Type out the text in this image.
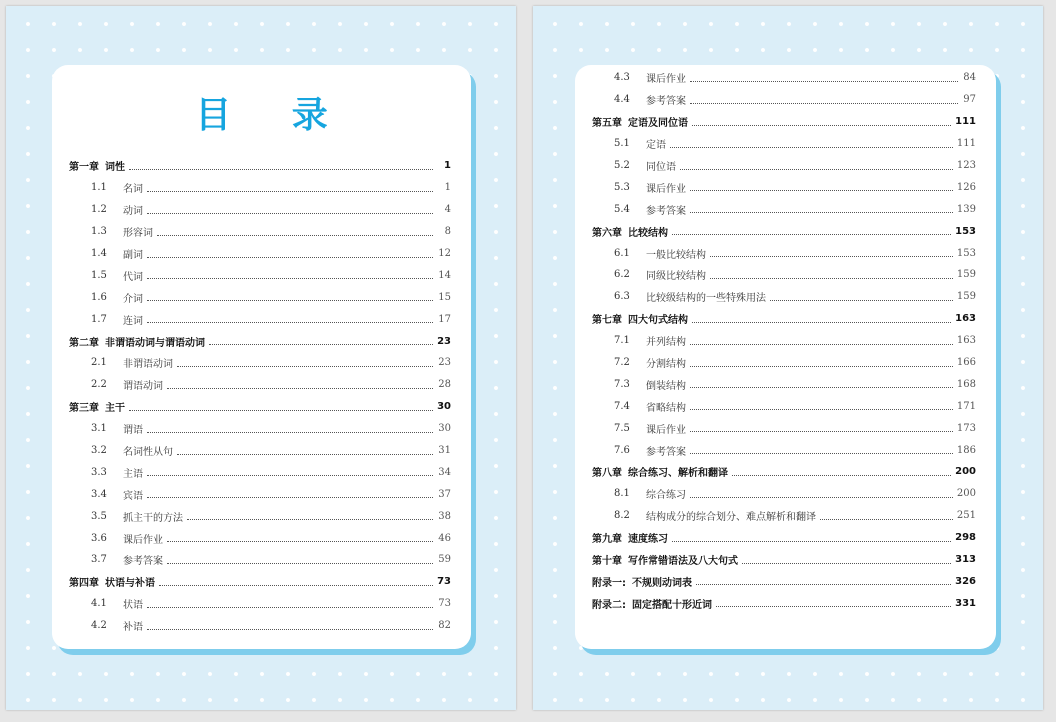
目 录
第一章 词性	1
1.1	名词	1
1.2	动词	4
1.3	形容词	8
1.4	副词	12
1.5	代词	14
1.6	介词	15
1.7	连词	17
第二章 非谓语动词与谓语动词	23
2.1	非谓语动词	23
2.2	谓语动词	28
第三章 主干	30
3.1	谓语	30
3.2	名词性从句	31
3.3	主语	34
3.4	宾语	37
3.5	抓主干的方法	38
3.6	课后作业	46
3.7	参考答案	59
第四章 状语与补语	73
4.1	状语	73
4.2	补语	82
4.3	课后作业	84
4.4	参考答案	97
第五章 定语及同位语	111
5.1	定语	111
5.2	同位语	123
5.3	课后作业	126
5.4	参考答案	139
第六章 比较结构	153
6.1	一般比较结构	153
6.2	同级比较结构	159
6.3	比较级结构的一些特殊用法	159
第七章 四大句式结构	163
7.1	并列结构	163
7.2	分割结构	166
7.3	倒装结构	168
7.4	省略结构	171
7.5	课后作业	173
7.6	参考答案	186
第八章 综合练习、解析和翻译	200
8.1	综合练习	200
8.2	结构成分的综合划分、难点解析和翻译	251
第九章 速度练习	298
第十章 写作常错语法及八大句式	313
附录一: 不规则动词表	326
附录二: 固定搭配十形近词	331
